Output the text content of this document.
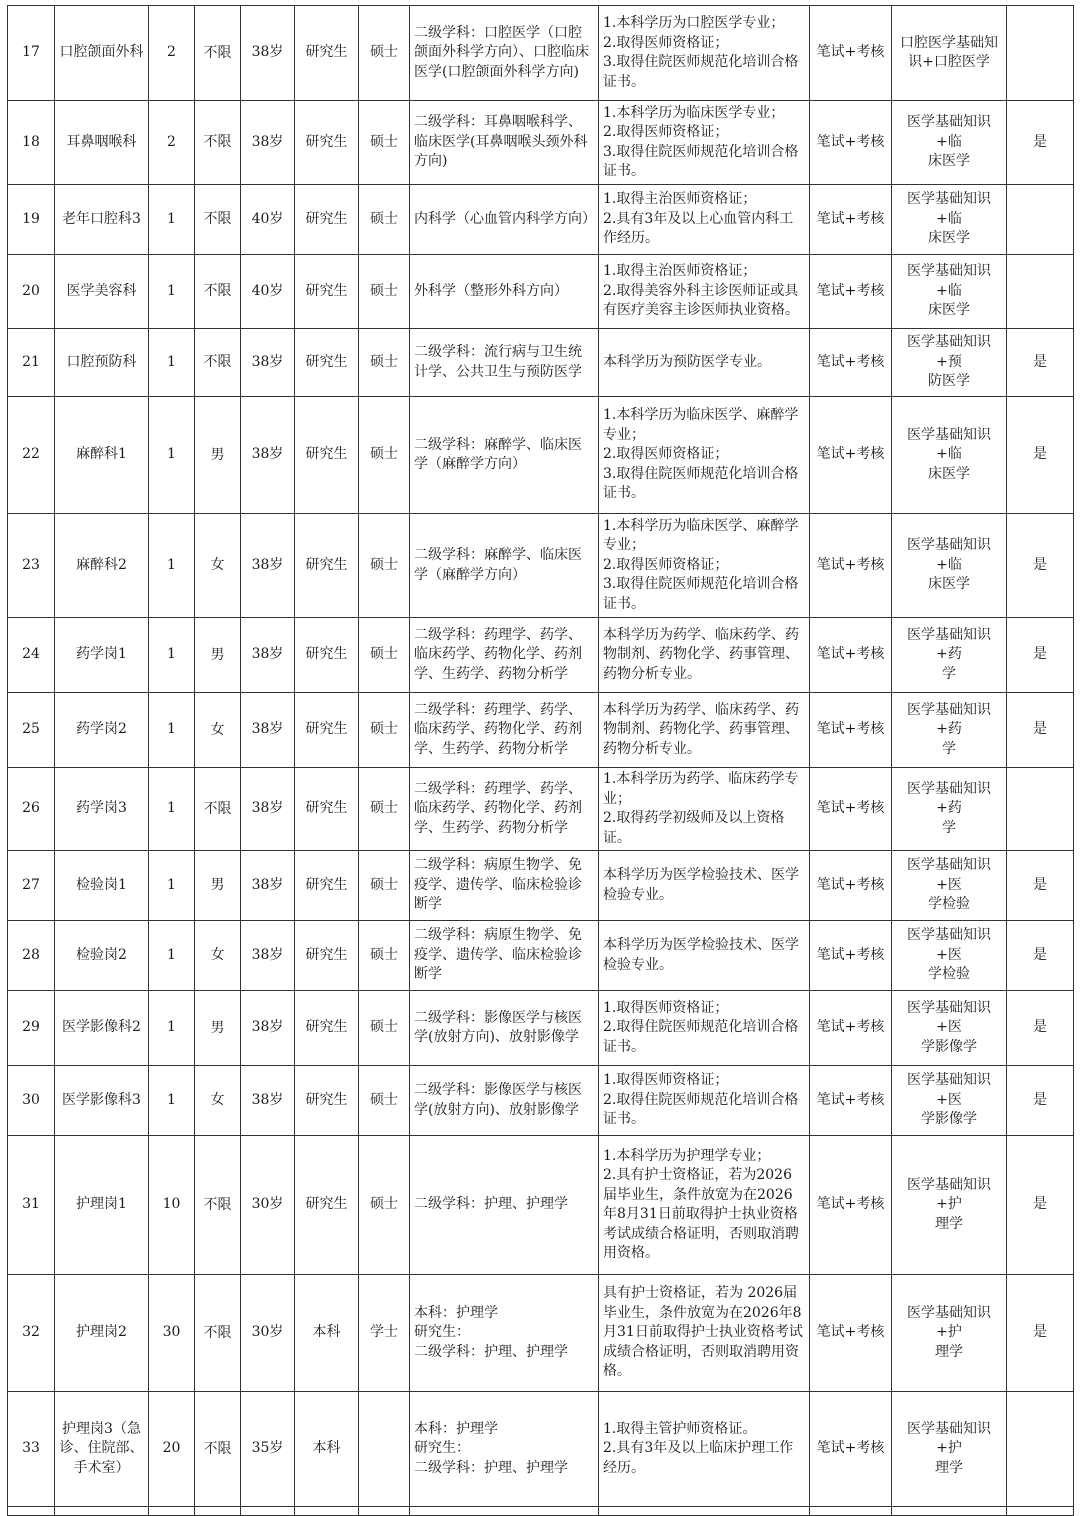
17	口腔颌面外科	2	不限	38岁	研究生	硕士	二级学科：口腔医学（口腔颌面外科学方向）、口腔临床医学(口腔颌面外科学方向)	1.本科学历为口腔医学专业；
2.取得医师资格证；
3.取得住院医师规范化培训合格证书。	笔试+考核	口腔医学基础知识+口腔医学	
18	耳鼻咽喉科	2	不限	38岁	研究生	硕士	二级学科：耳鼻咽喉科学、临床医学(耳鼻咽喉头颈外科方向)	1.本科学历为临床医学专业；
2.取得医师资格证；
3.取得住院医师规范化培训合格证书。	笔试+考核	医学基础知识+临
床医学	是
19	老年口腔科3	1	不限	40岁	研究生	硕士	内科学（心血管内科学方向）	1.取得主治医师资格证；
2.具有3年及以上心血管内科工作经历。	笔试+考核	医学基础知识+临
床医学	
20	医学美容科	1	不限	40岁	研究生	硕士	外科学（整形外科方向）	1.取得主治医师资格证；
2.取得美容外科主诊医师证或具有医疗美容主诊医师执业资格。	笔试+考核	医学基础知识+临
床医学	
21	口腔预防科	1	不限	38岁	研究生	硕士	二级学科：流行病与卫生统计学、公共卫生与预防医学	本科学历为预防医学专业。	笔试+考核	医学基础知识+预
防医学	是
22	麻醉科1	1	男	38岁	研究生	硕士	二级学科：麻醉学、临床医学（麻醉学方向）	1.本科学历为临床医学、麻醉学专业；
2.取得医师资格证；
3.取得住院医师规范化培训合格证书。	笔试+考核	医学基础知识+临
床医学	是
23	麻醉科2	1	女	38岁	研究生	硕士	二级学科：麻醉学、临床医学（麻醉学方向）	1.本科学历为临床医学、麻醉学专业；
2.取得医师资格证；
3.取得住院医师规范化培训合格证书。	笔试+考核	医学基础知识+临
床医学	是
24	药学岗1	1	男	38岁	研究生	硕士	二级学科：药理学、药学、临床药学、药物化学、药剂学、生药学、药物分析学	本科学历为药学、临床药学、药物制剂、药物化学、药事管理、药物分析专业。	笔试+考核	医学基础知识+药
学	是
25	药学岗2	1	女	38岁	研究生	硕士	二级学科：药理学、药学、临床药学、药物化学、药剂学、生药学、药物分析学	本科学历为药学、临床药学、药物制剂、药物化学、药事管理、药物分析专业。	笔试+考核	医学基础知识+药
学	是
26	药学岗3	1	不限	38岁	研究生	硕士	二级学科：药理学、药学、临床药学、药物化学、药剂学、生药学、药物分析学	1.本科学历为药学、临床药学专业；
2.取得药学初级师及以上资格证。	笔试+考核	医学基础知识+药
学	
27	检验岗1	1	男	38岁	研究生	硕士	二级学科：病原生物学、免疫学、遗传学、临床检验诊断学	本科学历为医学检验技术、医学检验专业。	笔试+考核	医学基础知识+医
学检验	是
28	检验岗2	1	女	38岁	研究生	硕士	二级学科：病原生物学、免疫学、遗传学、临床检验诊断学	本科学历为医学检验技术、医学检验专业。	笔试+考核	医学基础知识+医
学检验	是
29	医学影像科2	1	男	38岁	研究生	硕士	二级学科：影像医学与核医学(放射方向)、放射影像学	1.取得医师资格证；
2.取得住院医师规范化培训合格证书。	笔试+考核	医学基础知识+医
学影像学	是
30	医学影像科3	1	女	38岁	研究生	硕士	二级学科：影像医学与核医学(放射方向)、放射影像学	1.取得医师资格证；
2.取得住院医师规范化培训合格证书。	笔试+考核	医学基础知识+医
学影像学	是
31	护理岗1	10	不限	30岁	研究生	硕士	二级学科：护理、护理学	1.本科学历为护理学专业；
2.具有护士资格证，若为2026届毕业生，条件放宽为在2026年8月31日前取得护士执业资格考试成绩合格证明，否则取消聘用资格。	笔试+考核	医学基础知识+护
理学	是
32	护理岗2	30	不限	30岁	本科	学士	本科：护理学
研究生：
二级学科：护理、护理学	具有护士资格证，若为 2026届毕业生，条件放宽为在2026年8月31日前取得护士执业资格考试成绩合格证明，否则取消聘用资格。	笔试+考核	医学基础知识+护
理学	是
33	护理岗3（急诊、住院部、手术室）	20	不限	35岁	本科		本科：护理学
研究生：
二级学科：护理、护理学	1.取得主管护师资格证。
2.具有3年及以上临床护理工作经历。	笔试+考核	医学基础知识+护
理学	
